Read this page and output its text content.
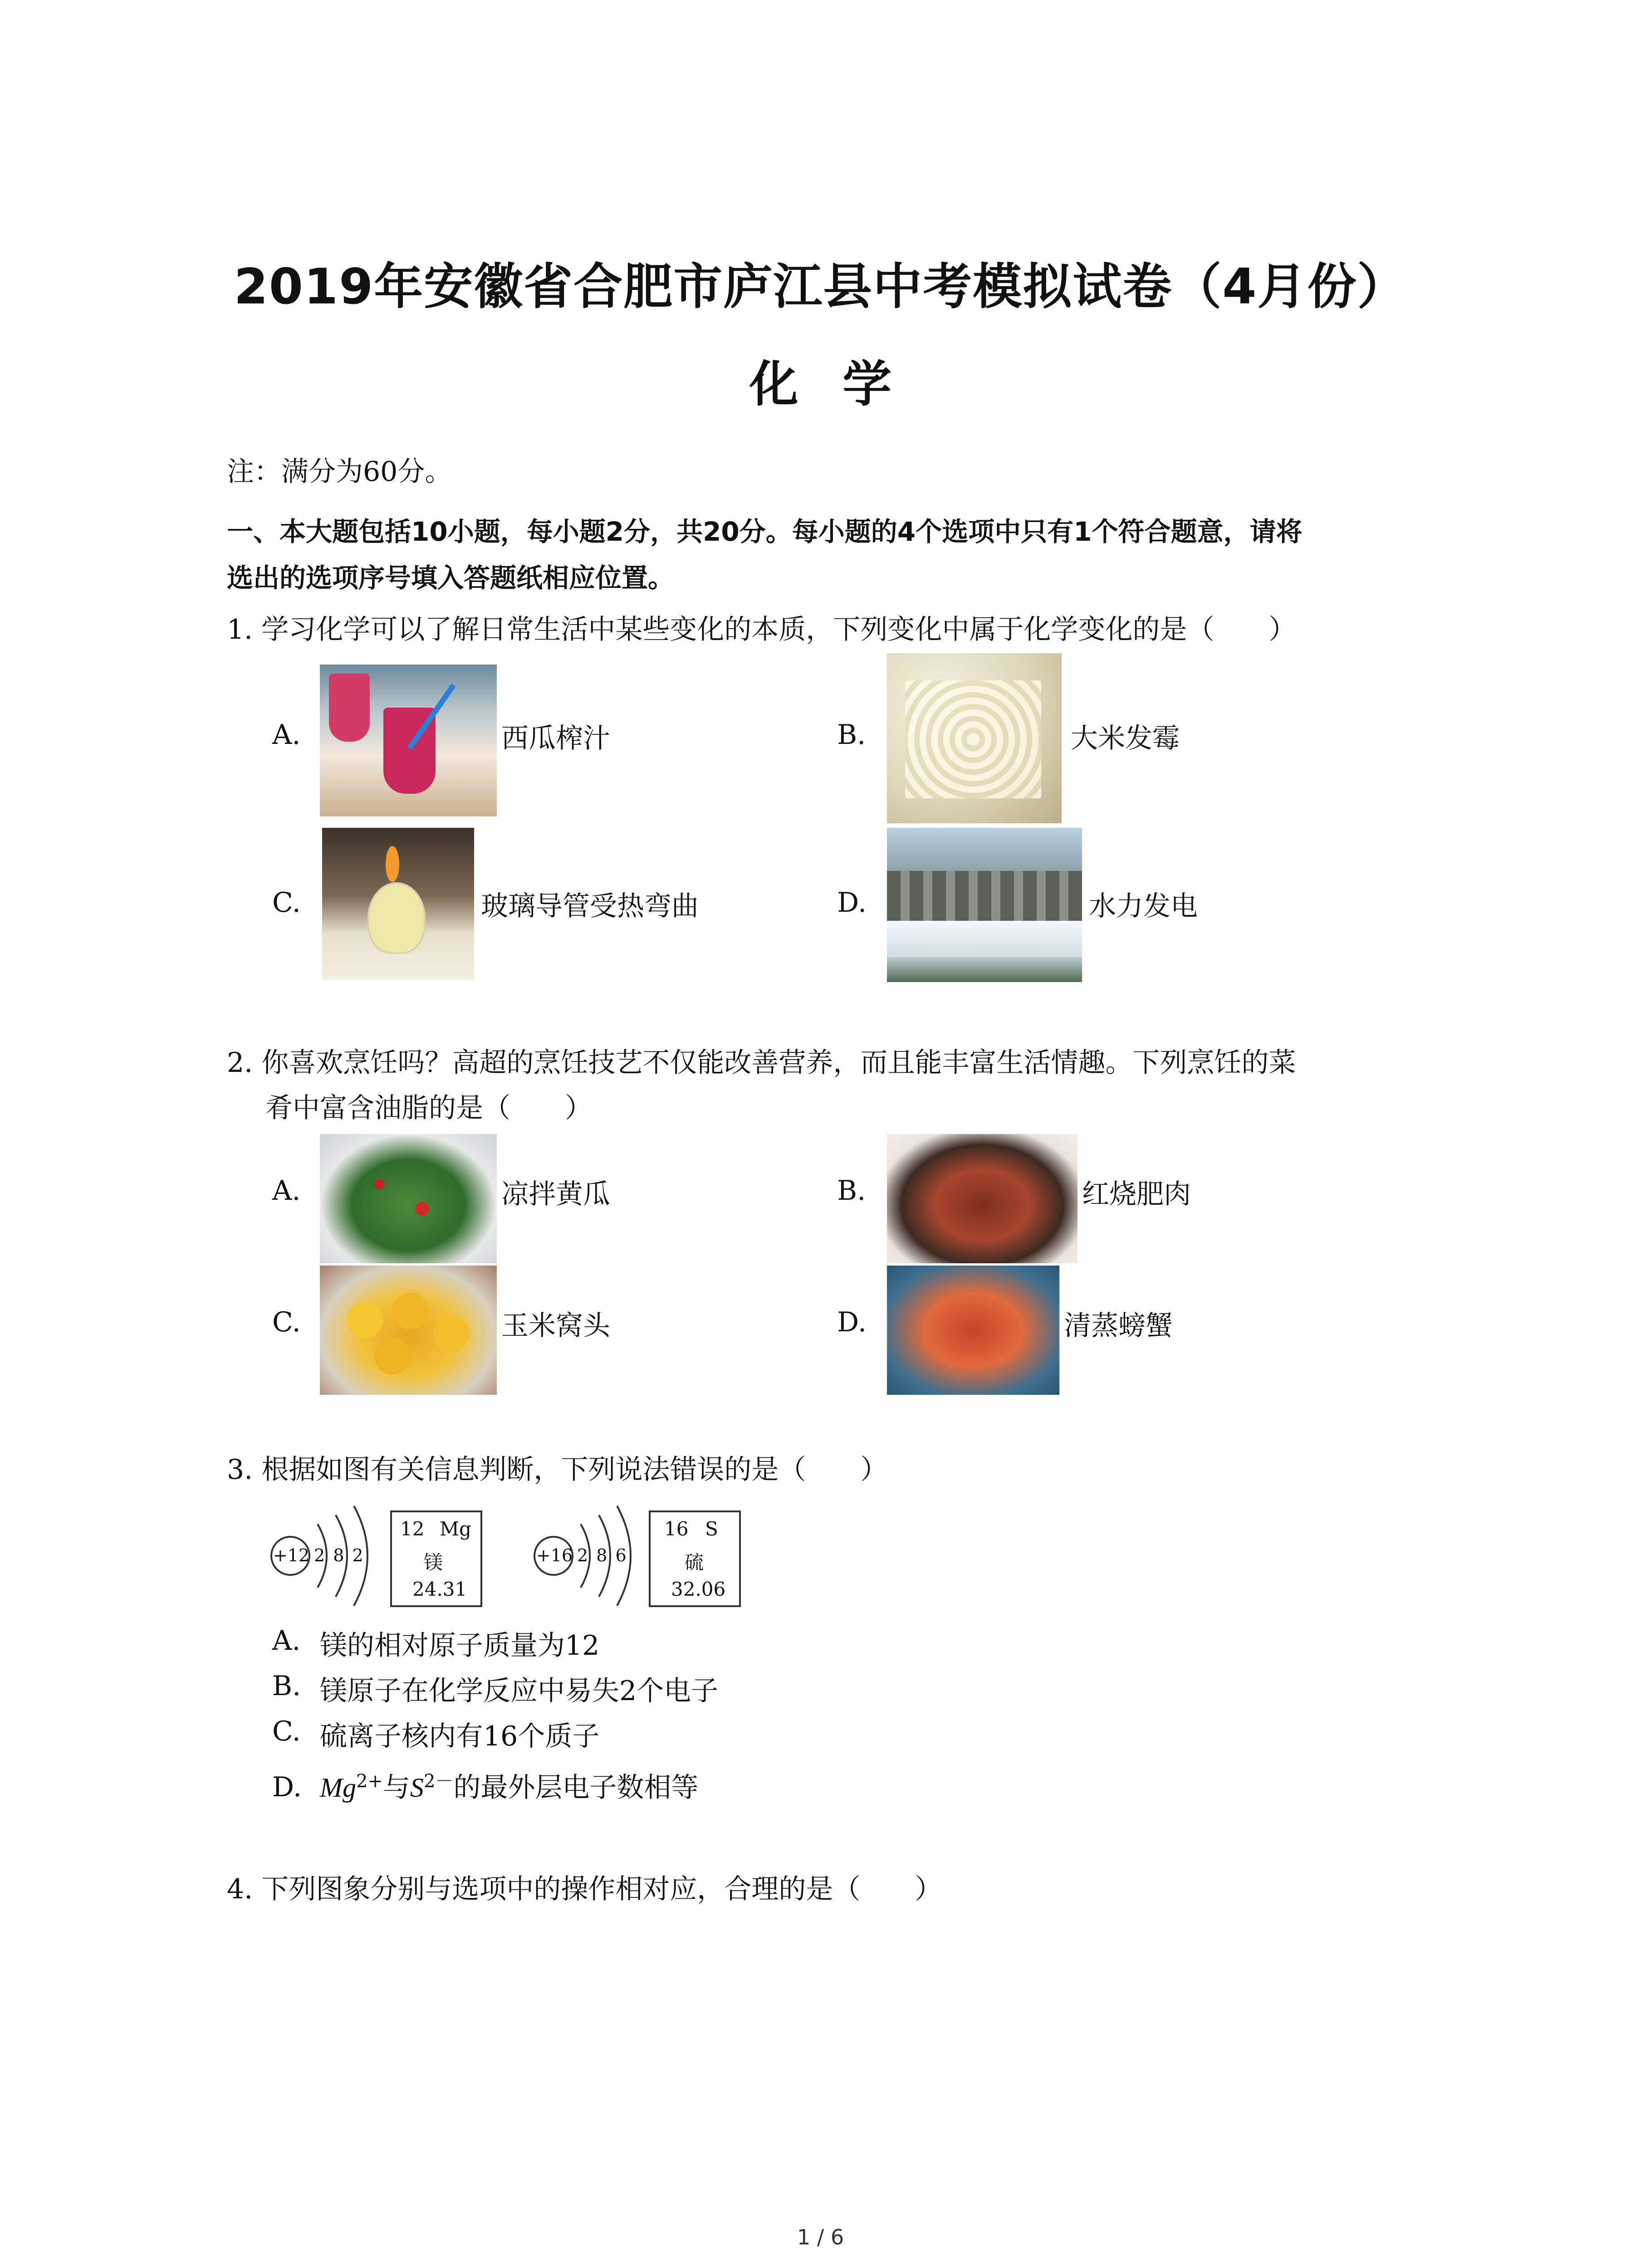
2019年安徽省合肥市庐江县中考模拟试卷（4月份）
化 学
注：满分为60分。
一、本大题包括10小题，每小题2分，共20分。每小题的4个选项中只有1个符合题意，请将
选出的选项序号填入答题纸相应位置。
1. 学习化学可以了解日常生活中某些变化的本质，下列变化中属于化学变化的是（　　）
A.	西瓜榨汁	B.	大米发霉
C.	玻璃导管受热弯曲	D.	水力发电
2. 你喜欢烹饪吗？高超的烹饪技艺不仅能改善营养，而且能丰富生活情趣。下列烹饪的菜
肴中富含油脂的是（　　）
A.	凉拌黄瓜	B.	红烧肥肉
C.	玉米窝头	D.	清蒸螃蟹
3. 根据如图有关信息判断，下列说法错误的是（　　）
+12 2 8 2	+16 2 8 6
12 Mg
镁
24.31
16 S
硫
32.06
A. 镁的相对原子质量为12
B. 镁原子在化学反应中易失2个电子
C. 硫离子核内有16个质子
D. $Mg^{2+}$与$S^{2-}$的最外层电子数相等
4. 下列图象分别与选项中的操作相对应，合理的是（　　）
1 / 6
